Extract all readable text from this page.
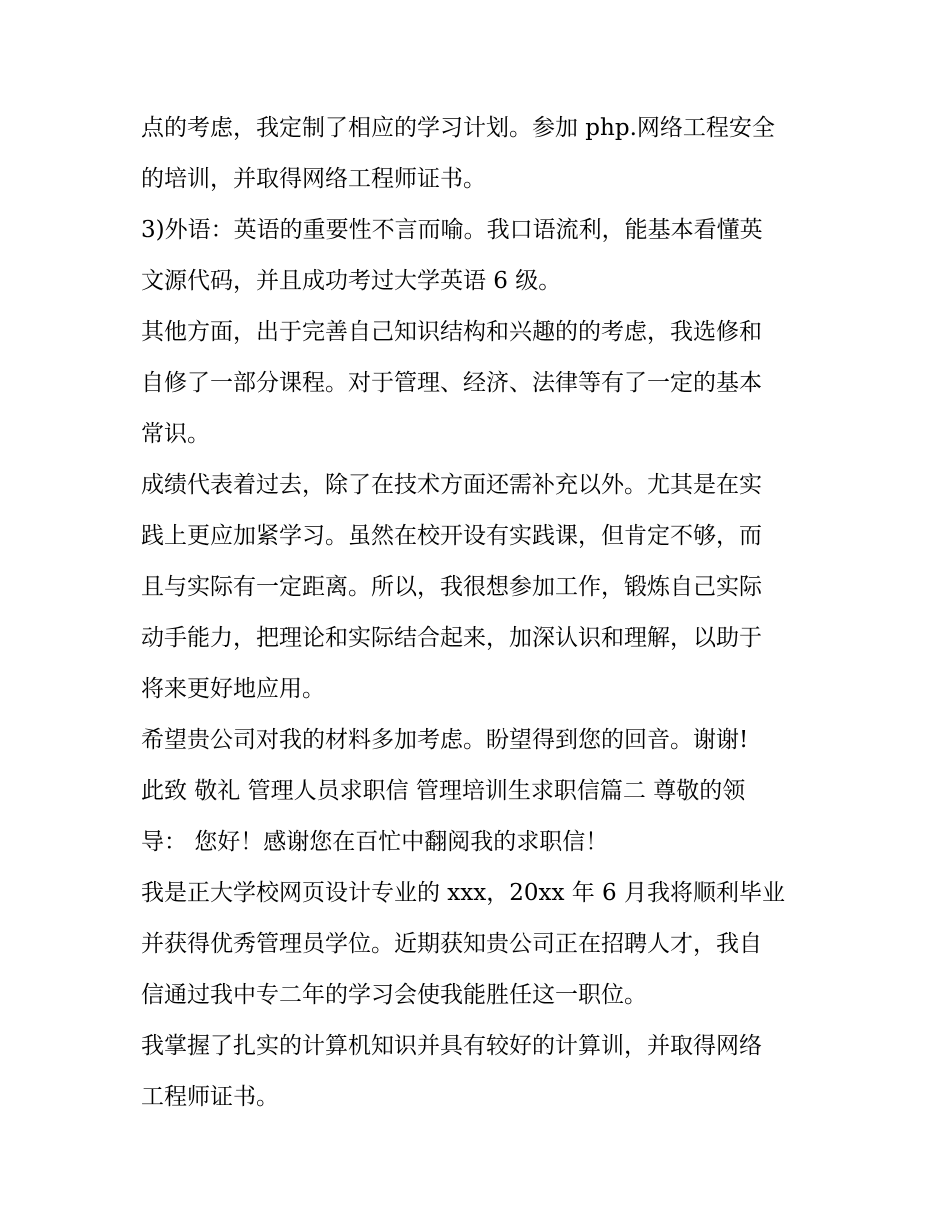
点的考虑，我定制了相应的学习计划。参加 php.网络工程安全
的培训，并取得网络工程师证书。
3)外语：英语的重要性不言而喻。我口语流利，能基本看懂英
文源代码，并且成功考过大学英语 6 级。
其他方面，出于完善自己知识结构和兴趣的的考虑，我选修和
自修了一部分课程。对于管理、经济、法律等有了一定的基本
常识。
成绩代表着过去，除了在技术方面还需补充以外。尤其是在实
践上更应加紧学习。虽然在校开设有实践课，但肯定不够，而
且与实际有一定距离。所以，我很想参加工作，锻炼自己实际
动手能力，把理论和实际结合起来，加深认识和理解，以助于
将来更好地应用。
希望贵公司对我的材料多加考虑。盼望得到您的回音。谢谢!
此致 敬礼 管理人员求职信 管理培训生求职信篇二 尊敬的领
导： 您好！感谢您在百忙中翻阅我的求职信！
我是正大学校网页设计专业的 xxx，20xx 年 6 月我将顺利毕业
并获得优秀管理员学位。近期获知贵公司正在招聘人才，我自
信通过我中专二年的学习会使我能胜任这一职位。
我掌握了扎实的计算机知识并具有较好的计算训，并取得网络
工程师证书。
